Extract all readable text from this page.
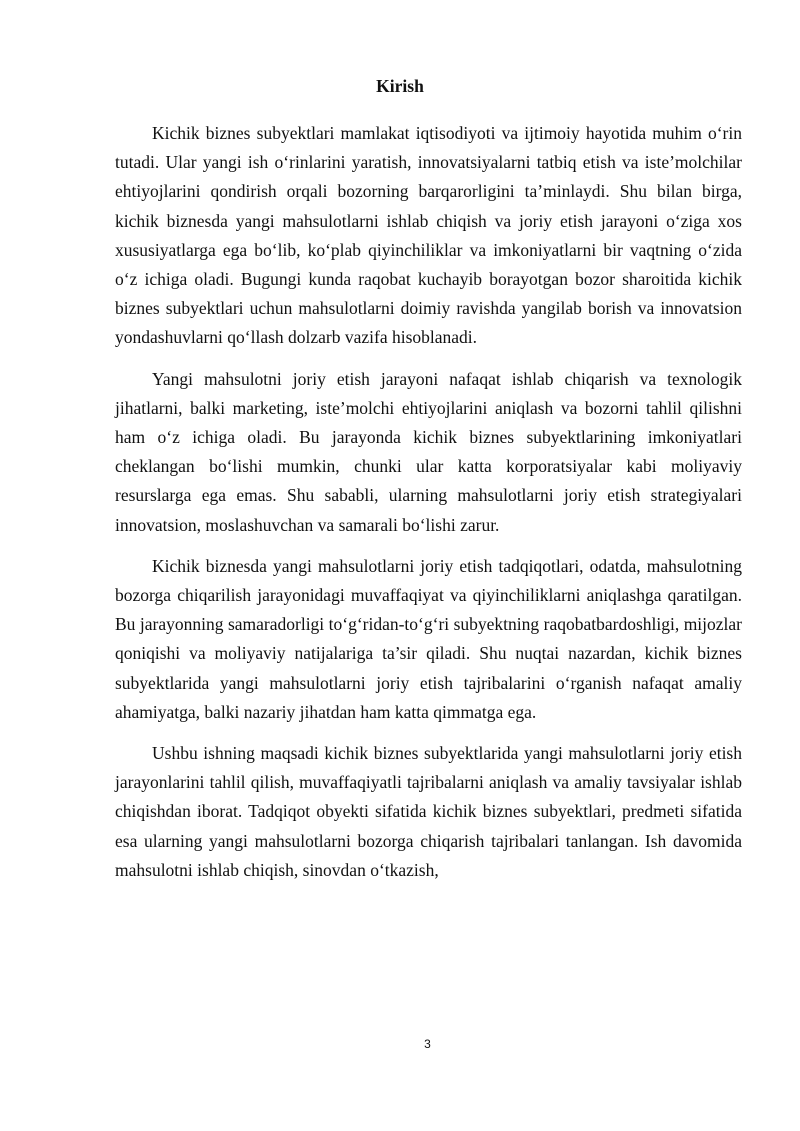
Kirish

Kichik biznes subyektlari mamlakat iqtisodiyoti va ijtimoiy hayotida muhim o‘rin tutadi. Ular yangi ish o‘rinlarini yaratish, innovatsiyalarni tatbiq etish va iste’molchilar ehtiyojlarini qondirish orqali bozorning barqarorligini ta’minlaydi. Shu bilan birga, kichik biznesda yangi mahsulotlarni ishlab chiqish va joriy etish jarayoni o‘ziga xos xususiyatlarga ega bo‘lib, ko‘plab qiyinchiliklar va imkoniyatlarni bir vaqtning o‘zida o‘z ichiga oladi. Bugungi kunda raqobat kuchayib borayotgan bozor sharoitida kichik biznes subyektlari uchun mahsulotlarni doimiy ravishda yangilab borish va innovatsion yondashuvlarni qo‘llash dolzarb vazifa hisoblanadi.

Yangi mahsulotni joriy etish jarayoni nafaqat ishlab chiqarish va texnologik jihatlarni, balki marketing, iste’molchi ehtiyojlarini aniqlash va bozorni tahlil qilishni ham o‘z ichiga oladi. Bu jarayonda kichik biznes subyektlarining imkoniyatlari cheklangan bo‘lishi mumkin, chunki ular katta korporatsiyalar kabi moliyaviy resurslarga ega emas. Shu sababli, ularning mahsulotlarni joriy etish strategiyalari innovatsion, moslashuvchan va samarali bo‘lishi zarur.

Kichik biznesda yangi mahsulotlarni joriy etish tadqiqotlari, odatda, mahsulotning bozorga chiqarilish jarayonidagi muvaffaqiyat va qiyinchiliklarni aniqlashga qaratilgan. Bu jarayonning samaradorligi to‘g‘ridan-to‘g‘ri subyektning raqobatbardoshligi, mijozlar qoniqishi va moliyaviy natijalariga ta’sir qiladi. Shu nuqtai nazardan, kichik biznes subyektlarida yangi mahsulotlarni joriy etish tajribalarini o‘rganish nafaqat amaliy ahamiyatga, balki nazariy jihatdan ham katta qimmatga ega.

Ushbu ishning maqsadi kichik biznes subyektlarida yangi mahsulotlarni joriy etish jarayonlarini tahlil qilish, muvaffaqiyatli tajribalarni aniqlash va amaliy tavsiyalar ishlab chiqishdan iborat. Tadqiqot obyekti sifatida kichik biznes subyektlari, predmeti sifatida esa ularning yangi mahsulotlarni bozorga chiqarish tajribalari tanlangan. Ish davomida mahsulotni ishlab chiqish, sinovdan o‘tkazish,

3
